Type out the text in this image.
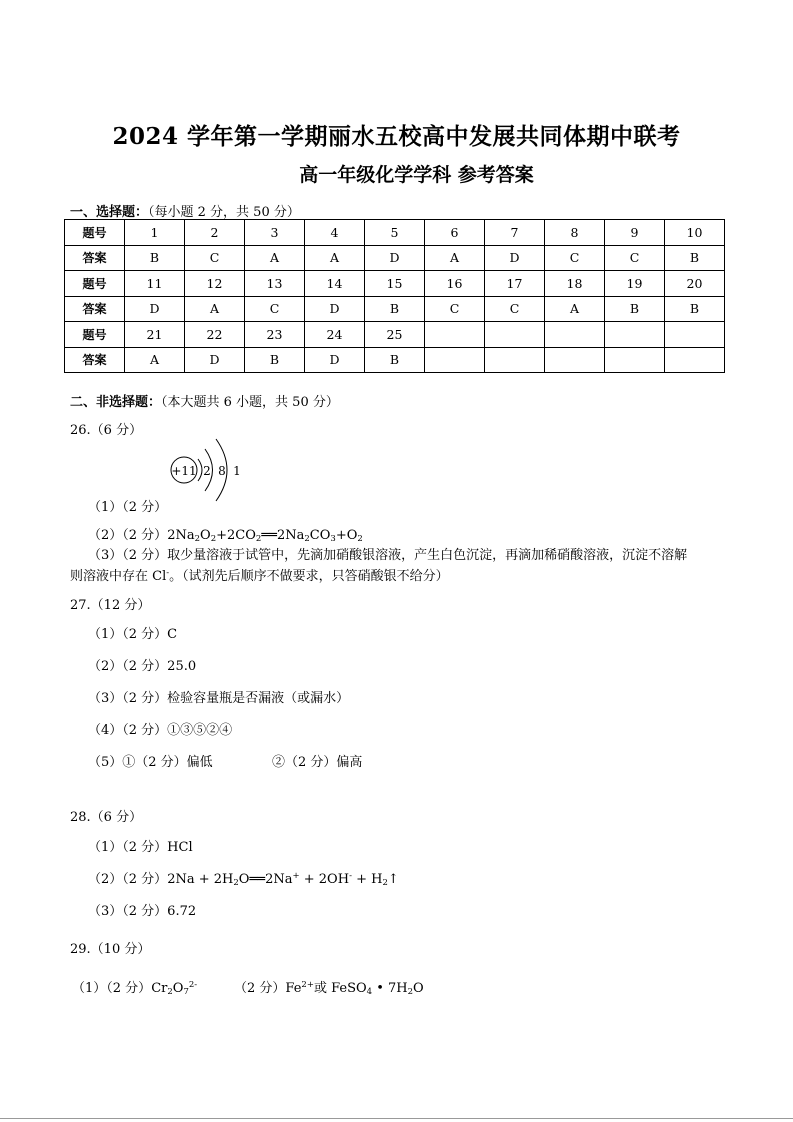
2024 学年第一学期丽水五校高中发展共同体期中联考
高一年级化学学科 参考答案
一、选择题：（每小题 2 分，共 50 分）
题号	1	2	3	4	5	6	7	8	9	10
答案	B	C	A	A	D	A	D	C	C	B
题号	11	12	13	14	15	16	17	18	19	20
答案	D	A	C	D	B	C	C	A	B	B
题号	21	22	23	24	25					
答案	A	D	B	D	B					
二、非选择题：（本大题共 6 小题，共 50 分）
26.（6 分）
+11 2 8 1
（1）（2 分）
（2）（2 分）$2Na_2O_2+2CO_2══2Na_2CO_3+O_2$
（3）（2 分）取少量溶液于试管中，先滴加硝酸银溶液，产生白色沉淀，再滴加稀硝酸溶液，沉淀不溶解
则溶液中存在 Cl-。（试剂先后顺序不做要求，只答硝酸银不给分）
27.（12 分）
（1）（2 分）C
（2）（2 分）25.0
（3）（2 分）检验容量瓶是否漏液（或漏水）
（4）（2 分）①③⑤②④
（5）①（2 分）偏低	②（2 分）偏高
28.（6 分）
（1）（2 分）HCl
（2）（2 分）$2Na + 2H_2O══2Na^+ + 2OH^-$ + $H_2↑$
（3）（2 分）6.72
29.（10 分）
（1）（2 分）$Cr_2O_7^{2-}$	（2 分）$Fe^{2+}$或 FeSO$_4$ • $7H_2O$
